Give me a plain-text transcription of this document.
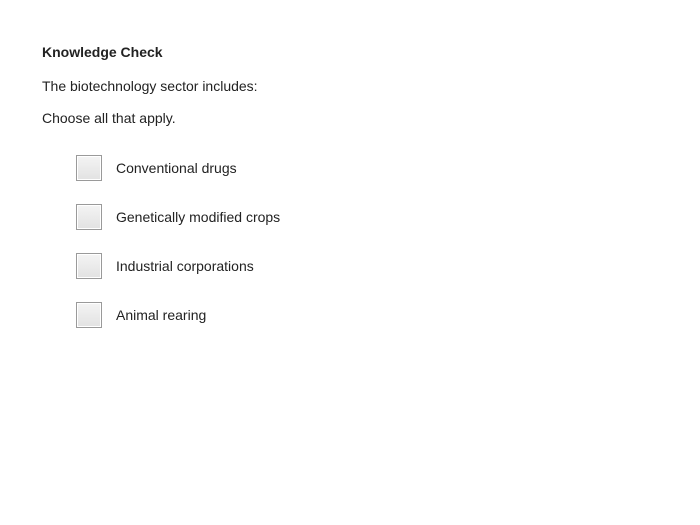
Knowledge Check
The biotechnology sector includes:
Choose all that apply.
Conventional drugs
Genetically modified crops
Industrial corporations
Animal rearing
